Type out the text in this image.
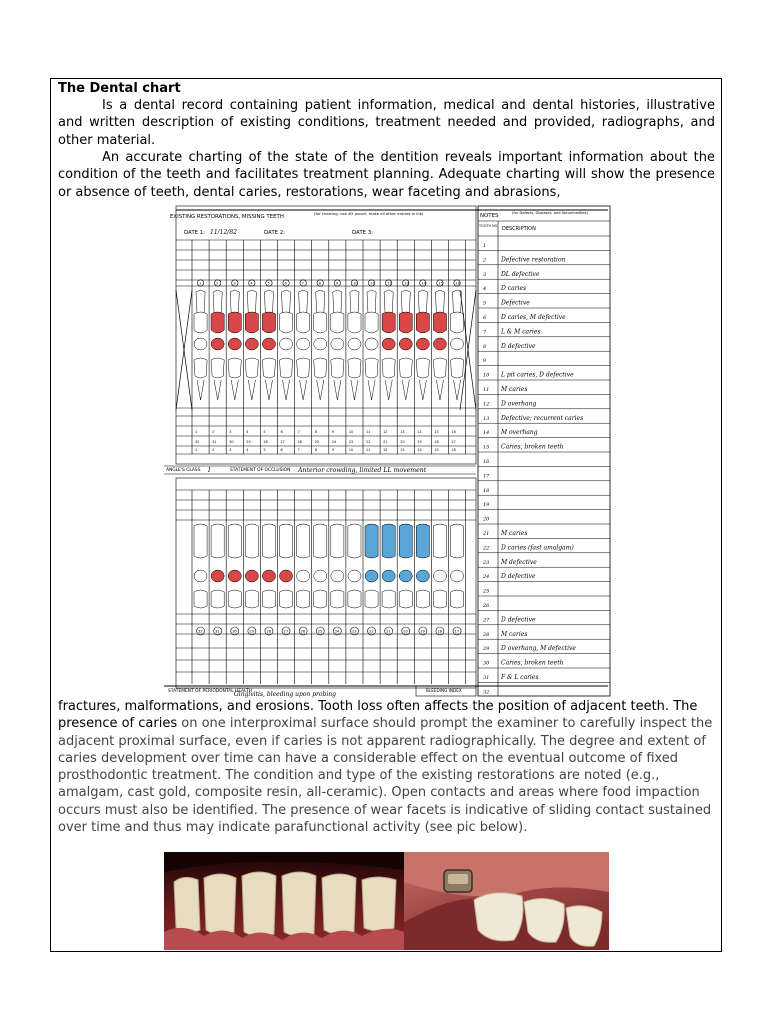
The Dental chart

Is a dental record containing patient information, medical and dental histories, illustrative and written description of existing conditions, treatment needed and provided, radiographs, and other material.

An accurate charting of the state of the dentition reveals important information about the condition of the teeth and facilitates treatment planning. Adequate charting will show the presence or absence of teeth, dental caries, restorations, wear faceting and abrasions,

EXISTING RESTORATIONS, MISSING TEETH
(for charting, use #2 pencil; make all other entries in ink)
DATE 1: 11/12/82	DATE 2:	DATE 3:
ANGLE'S CLASS I	STATEMENT OF OCCLUSION Anterior crowding, limited LL movement
STATEMENT OF PERIODONTAL HEALTH
Gingivitis, bleeding upon probing
BLEEDING INDEX
1	2	3	4	5	6	7	8	9	10	11	12	13	14	15	16
1
32
1
2
31
2
3
30
3
4
29
4
5
28
5
6
27
6
7
26
7
8
25
8
9
24
9
10
23
10
11
22
11
12
21
12
13
20
13
14
19
14
15
18
15
16
17
16
32	31	30	29	28	27	26	25	24	23	22	21	20	19	18	17
NOTES	(for Defects, Diseases, and Abnormalities)
TOOTH NO. DESCRIPTION
1
2 Defective restoration
3 DL defective
4 D caries
5 Defective
6 D caries, M defective
7 L & M caries
8 D defective
9
10 L pit caries, D defective
11 M caries
12 D overhang
13 Defective; recurrent caries
14 M overhang
15 Caries, broken teeth
16
17
18
19
20
21 M caries
22 D caries (fast amalgam)
23 M defective
24 D defective
25
26
27 D defective
28 M caries
29 D overhang, M defective
30 Caries, broken teeth
31 F & L caries
32

fractures, malformations, and erosions. Tooth loss often affects the position of adjacent teeth. The presence of caries on one interproximal surface should prompt the examiner to carefully inspect the adjacent proximal surface, even if caries is not apparent radiographically. The degree and extent of caries development over time can have a considerable effect on the eventual outcome of fixed prosthodontic treatment. The condition and type of the existing restorations are noted (e.g., amalgam, cast gold, composite resin, all-ceramic). Open contacts and areas where food impaction occurs must also be identified. The presence of wear facets is indicative of sliding contact sustained over time and thus may indicate parafunctional activity (see pic below).
